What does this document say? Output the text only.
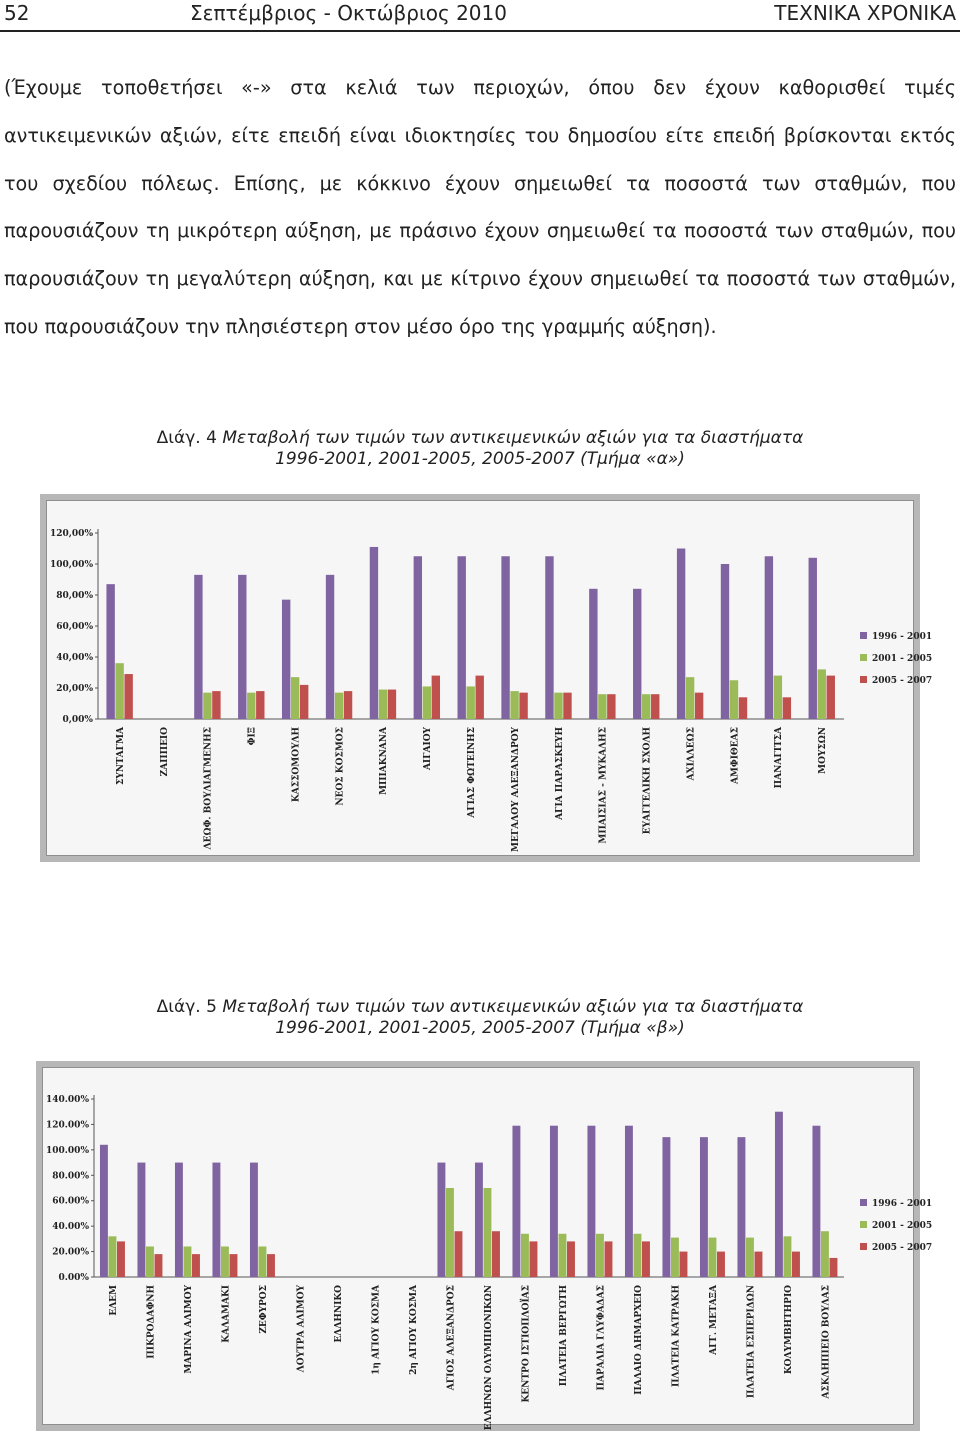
52	Σεπτέμβριος - Οκτώβριος 2010	ΤΕΧΝΙΚΑ ΧΡΟΝΙΚΑ

(Έχουμε τοποθετήσει «-» στα κελιά των περιοχών, όπου δεν έχουν καθορισθεί τιμές αντικειμενικών αξιών, είτε επειδή είναι ιδιοκτησίες του δημοσίου είτε επειδή βρίσκονται εκτός του σχεδίου πόλεως. Επίσης, με κόκκινο έχουν σημειωθεί τα ποσοστά των σταθμών, που παρουσιάζουν τη μικρότερη αύξηση, με πράσινο έχουν σημειωθεί τα ποσοστά των σταθμών, που παρουσιάζουν τη μεγαλύτερη αύξηση, και με κίτρινο έχουν σημειωθεί τα ποσοστά των σταθμών, που παρουσιάζουν την πλησιέστερη στον μέσο όρο της γραμμής αύξηση).

Διάγ. 4 Μεταβολή των τιμών των αντικειμενικών αξιών για τα διαστήματα
1996-2001, 2001-2005, 2005-2007 (Τμήμα «α»)

0,00%
20,00%
40,00%
60,00%
80,00%
100,00%
120,00%
ΣΥΝΤΑΓΜΑ	ΖΑΠΠΕΙΟ	ΛΕΩΦ. ΒΟΥΛΙΑΓΜΕΝΗΣ	ΦΙΞ	ΚΑΣΣΟΜΟΥΛΗ	ΝΕΟΣ ΚΟΣΜΟΣ	ΜΠΙΑΚΝΑΝΑ	ΑΙΓΑΙΟΥ	ΑΓΙΑΣ ΦΩΤΕΙΝΗΣ	ΜΕΓΑΛΟΥ ΑΛΕΞΑΝΔΡΟΥ	ΑΓΙΑ ΠΑΡΑΣΚΕΥΗ	ΜΠΑΙΣΙΑΣ - ΜΥΚΑΛΗΣ	ΕΥΑΓΓΕΛΙΚΗ ΣΧΟΛΗ	ΑΧΙΛΛΕΩΣ	ΑΜΦΙΘΕΑΣ	ΠΑΝΑΓΙΤΣΑ	ΜΟΥΣΩΝ
1996 - 2001
2001 - 2005
2005 - 2007

Διάγ. 5 Μεταβολή των τιμών των αντικειμενικών αξιών για τα διαστήματα
1996-2001, 2001-2005, 2005-2007 (Τμήμα «β»)

0.00%
20.00%
40.00%
60.00%
80.00%
100.00%
120.00%
140.00%
ΕΛΕΜ	ΠΙΚΡΟΔΑΦΝΗ	ΜΑΡΙΝΑ ΑΛΙΜΟΥ	ΚΑΛΑΜΑΚΙ	ΖΕΦΥΡΟΣ	ΛΟΥΤΡΑ ΑΛΙΜΟΥ	ΕΛΛΗΝΙΚΟ	1η ΑΓΙΟΥ ΚΟΣΜΑ	2η ΑΓΙΟΥ ΚΟΣΜΑ	ΑΓΙΟΣ ΑΛΕΞΑΝΔΡΟΣ	ΕΛΛΗΝΩΝ ΟΛΥΜΠΙΟΝΙΚΩΝ	ΚΕΝΤΡΟ ΙΣΤΙΟΠΛΟΪΑΣ	ΠΛΑΤΕΙΑ ΒΕΡΓΩΤΗ	ΠΑΡΑΛΙΑ ΓΛΥΦΑΔΑΣ	ΠΑΛΑΙΟ ΔΗΜΑΡΧΕΙΟ	ΠΛΑΤΕΙΑ ΚΑΤΡΑΚΗ	ΑΓΓ. ΜΕΤΑΞΑ	ΠΛΑΤΕΙΑ ΕΣΠΕΡΙΔΩΝ	ΚΟΛΥΜΒΗΤΗΡΙΟ	ΑΣΚΛΗΠΙΕΙΟ ΒΟΥΛΑΣ
1996 - 2001
2001 - 2005
2005 - 2007
